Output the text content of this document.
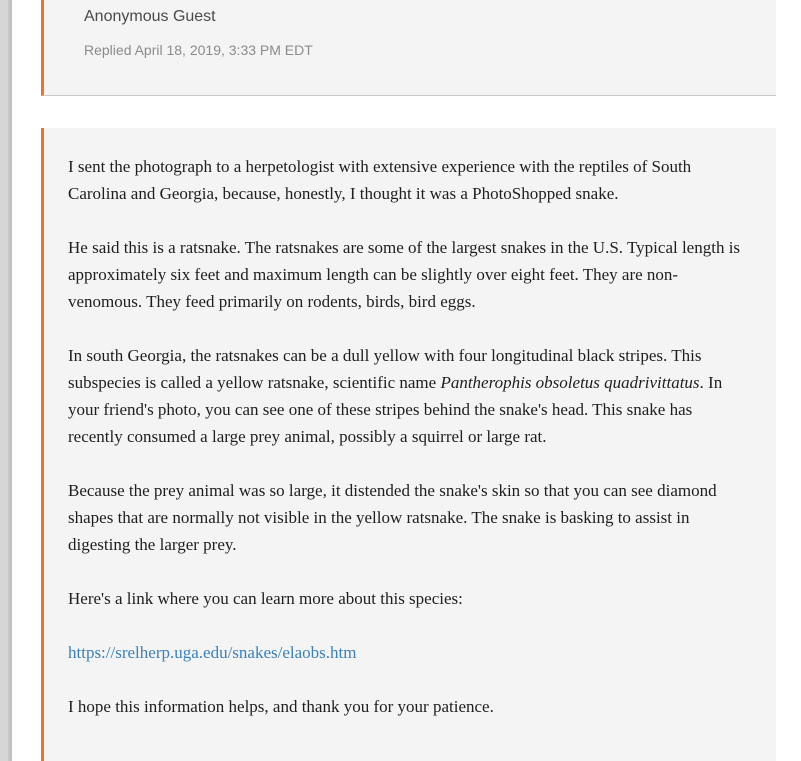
Anonymous Guest
Replied April 18, 2019, 3:33 PM EDT

I sent the photograph to a herpetologist with extensive experience with the reptiles of South Carolina and Georgia, because, honestly, I thought it was a PhotoShopped snake.

He said this is a ratsnake. The ratsnakes are some of the largest snakes in the U.S. Typical length is approximately six feet and maximum length can be slightly over eight feet. They are non-venomous. They feed primarily on rodents, birds, bird eggs.

In south Georgia, the ratsnakes can be a dull yellow with four longitudinal black stripes. This subspecies is called a yellow ratsnake, scientific name Pantherophis obsoletus quadrivittatus. In your friend's photo, you can see one of these stripes behind the snake's head. This snake has recently consumed a large prey animal, possibly a squirrel or large rat.

Because the prey animal was so large, it distended the snake's skin so that you can see diamond shapes that are normally not visible in the yellow ratsnake. The snake is basking to assist in digesting the larger prey.

Here's a link where you can learn more about this species:

https://srelherp.uga.edu/snakes/elaobs.htm

I hope this information helps, and thank you for your patience.
